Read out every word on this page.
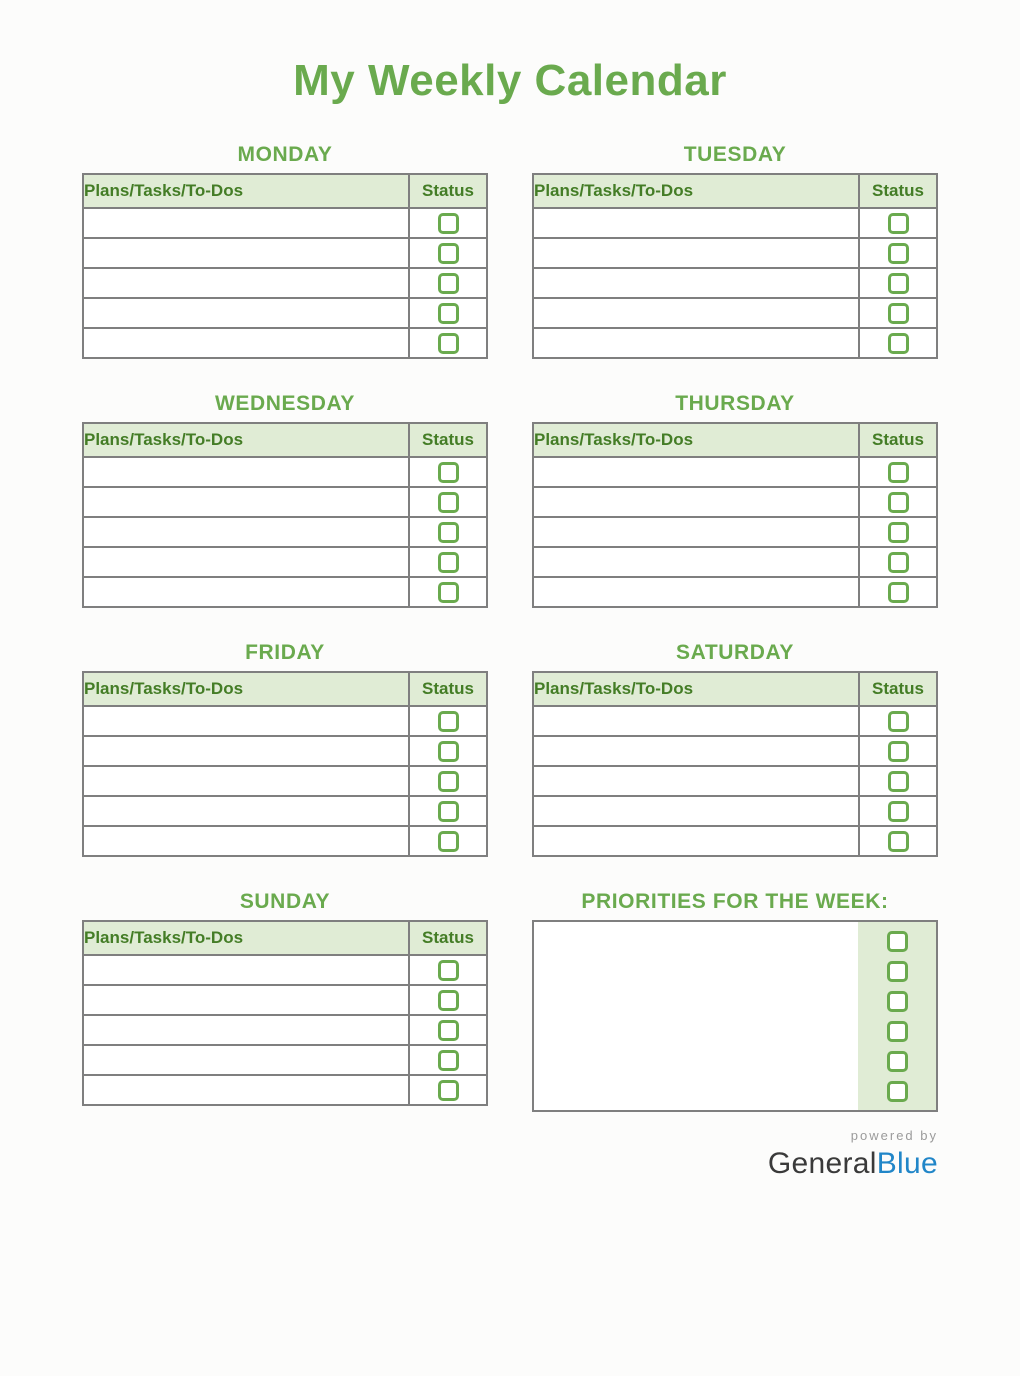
My Weekly Calendar
MONDAY
Plans/Tasks/To-Dos	Status

TUESDAY
Plans/Tasks/To-Dos	Status

WEDNESDAY
Plans/Tasks/To-Dos	Status

THURSDAY
Plans/Tasks/To-Dos	Status

FRIDAY
Plans/Tasks/To-Dos	Status

SATURDAY
Plans/Tasks/To-Dos	Status

SUNDAY
Plans/Tasks/To-Dos	Status

PRIORITIES FOR THE WEEK:
powered by
GeneralBlue
